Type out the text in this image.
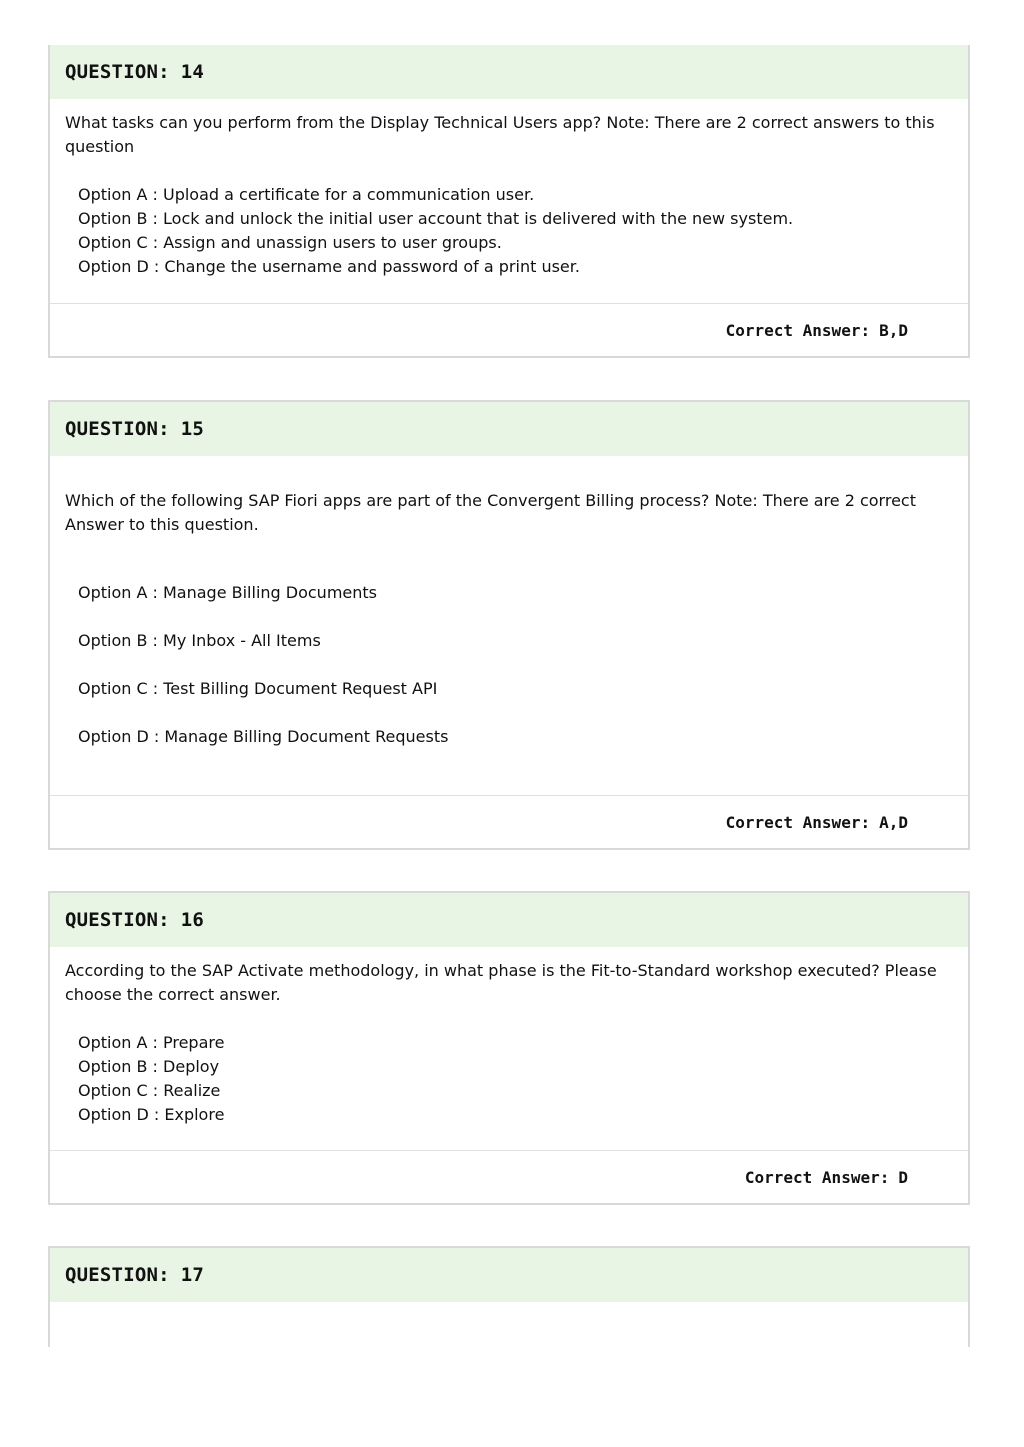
QUESTION: 14

What tasks can you perform from the Display Technical Users app? Note: There are 2 correct answers to this question

Option A : Upload a certificate for a communication user.

Option B : Lock and unlock the initial user account that is delivered with the new system.

Option C : Assign and unassign users to user groups.

Option D : Change the username and password of a print user.

Correct Answer: B,D
QUESTION: 15

Which of the following SAP Fiori apps are part of the Convergent Billing process? Note: There are 2 correct Answer to this question.

Option A : Manage Billing Documents

Option B : My Inbox - All Items

Option C : Test Billing Document Request API

Option D : Manage Billing Document Requests

Correct Answer: A,D
QUESTION: 16

According to the SAP Activate methodology, in what phase is the Fit-to-Standard workshop executed? Please choose the correct answer.

Option A : Prepare

Option B : Deploy

Option C : Realize

Option D : Explore

Correct Answer: D
QUESTION: 17
